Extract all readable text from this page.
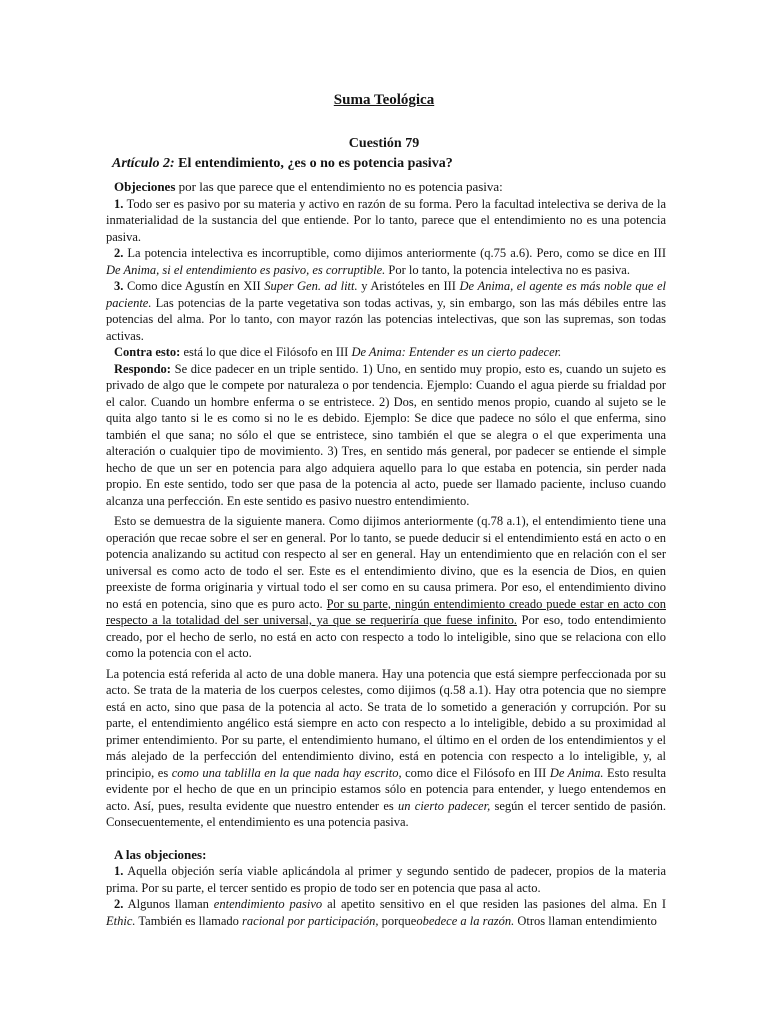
Suma Teológica
Cuestión 79
Artículo 2: El entendimiento, ¿es o no es potencia pasiva?

Objeciones por las que parece que el entendimiento no es potencia pasiva:

1. Todo ser es pasivo por su materia y activo en razón de su forma. Pero la facultad intelectiva se deriva de la inmaterialidad de la sustancia del que entiende. Por lo tanto, parece que el entendimiento no es una potencia pasiva.

2. La potencia intelectiva es incorruptible, como dijimos anteriormente (q.75 a.6). Pero, como se dice en III De Anima, si el entendimiento es pasivo, es corruptible. Por lo tanto, la potencia intelectiva no es pasiva.

3. Como dice Agustín en XII Super Gen. ad litt. y Aristóteles en III De Anima, el agente es más noble que el paciente. Las potencias de la parte vegetativa son todas activas, y, sin embargo, son las más débiles entre las potencias del alma. Por lo tanto, con mayor razón las potencias intelectivas, que son las supremas, son todas activas.

Contra esto: está lo que dice el Filósofo en III De Anima: Entender es un cierto padecer.

Respondo: Se dice padecer en un triple sentido. 1) Uno, en sentido muy propio, esto es, cuando un sujeto es privado de algo que le compete por naturaleza o por tendencia. Ejemplo: Cuando el agua pierde su frialdad por el calor. Cuando un hombre enferma o se entristece. 2) Dos, en sentido menos propio, cuando al sujeto se le quita algo tanto si le es como si no le es debido. Ejemplo: Se dice que padece no sólo el que enferma, sino también el que sana; no sólo el que se entristece, sino también el que se alegra o el que experimenta una alteración o cualquier tipo de movimiento. 3) Tres, en sentido más general, por padecer se entiende el simple hecho de que un ser en potencia para algo adquiera aquello para lo que estaba en potencia, sin perder nada propio. En este sentido, todo ser que pasa de la potencia al acto, puede ser llamado paciente, incluso cuando alcanza una perfección. En este sentido es pasivo nuestro entendimiento.

Esto se demuestra de la siguiente manera. Como dijimos anteriormente (q.78 a.1), el entendimiento tiene una operación que recae sobre el ser en general. Por lo tanto, se puede deducir si el entendimiento está en acto o en potencia analizando su actitud con respecto al ser en general. Hay un entendimiento que en relación con el ser universal es como acto de todo el ser. Este es el entendimiento divino, que es la esencia de Dios, en quien preexiste de forma originaria y virtual todo el ser como en su causa primera. Por eso, el entendimiento divino no está en potencia, sino que es puro acto. Por su parte, ningún entendimiento creado puede estar en acto con respecto a la totalidad del ser universal, ya que se requeriría que fuese infinito. Por eso, todo entendimiento creado, por el hecho de serlo, no está en acto con respecto a todo lo inteligible, sino que se relaciona con ello como la potencia con el acto.

La potencia está referida al acto de una doble manera. Hay una potencia que está siempre perfeccionada por su acto. Se trata de la materia de los cuerpos celestes, como dijimos (q.58 a.1). Hay otra potencia que no siempre está en acto, sino que pasa de la potencia al acto. Se trata de lo sometido a generación y corrupción. Por su parte, el entendimiento angélico está siempre en acto con respecto a lo inteligible, debido a su proximidad al primer entendimiento. Por su parte, el entendimiento humano, el último en el orden de los entendimientos y el más alejado de la perfección del entendimiento divino, está en potencia con respecto a lo inteligible, y, al principio, es como una tablilla en la que nada hay escrito, como dice el Filósofo en III De Anima. Esto resulta evidente por el hecho de que en un principio estamos sólo en potencia para entender, y luego entendemos en acto. Así, pues, resulta evidente que nuestro entender es un cierto padecer, según el tercer sentido de pasión. Consecuentemente, el entendimiento es una potencia pasiva.

A las objeciones:

1. Aquella objeción sería viable aplicándola al primer y segundo sentido de padecer, propios de la materia prima. Por su parte, el tercer sentido es propio de todo ser en potencia que pasa al acto.

2. Algunos llaman entendimiento pasivo al apetito sensitivo en el que residen las pasiones del alma. En I Ethic. También es llamado racional por participación, porqueobedece a la razón. Otros llaman entendimiento
